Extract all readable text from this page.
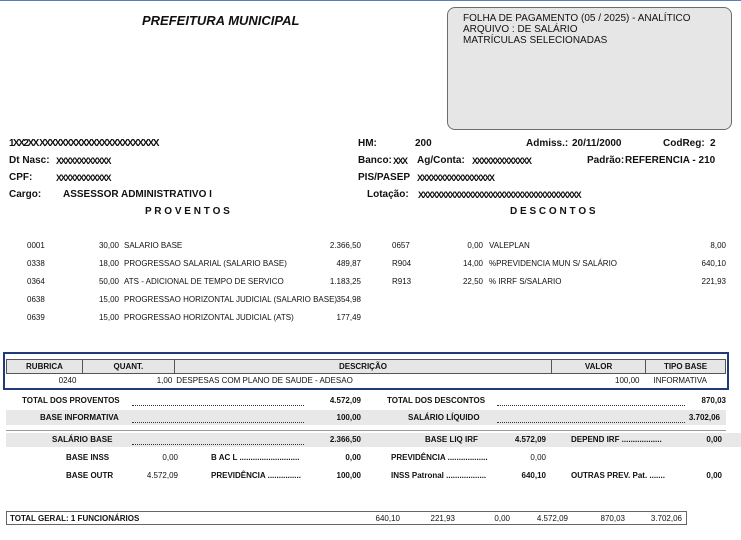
PREFEITURA MUNICIPAL	FOLHA DE PAGAMENTO (05 / 2025) - ANALÍTICO
ARQUIVO : DE SALÁRIO
MATRÍCULAS SELECIONADAS
1XX2XX XXXXXXXXXXXXXXXXXXXXXXX
Dt Nasc: XXXXXXXXXXXX
CPF:	XXXXXXXXXXXX
Cargo: ASSESSOR ADMINISTRATIVO I
HM:	200	Admiss.: 20/11/2000	CodReg: 2
Banco: XXX Ag/Conta: XXXXXXXXXXXXX	Padrão: REFERENCIA - 210
PIS/PASEP XXXXXXXXXXXXXXXXX
Lotação: XXXXXXXXXXXXXXXXXXXXXXXXXXXXXXXXXXXX
P R O V E N T O S	D E S C O N T O S
0001	30,00 SALARIO BASE	2.366,50
0338	18,00 PROGRESSAO SALARIAL (SALARIO BASE)	489,87
0364	50,00 ATS - ADICIONAL DE TEMPO DE SERVICO	1.183,25
0638	15,00 PROGRESSAO HORIZONTAL JUDICIAL (SALARIO BASE) 354,98
0639	15,00 PROGRESSAO HORIZONTAL JUDICIAL (ATS)	177,49
0657	0,00 VALEPLAN	8,00
R904	14,00 %PREVIDENCIA MUN S/ SALÁRIO	640,10
R913	22,50 % IRRF S/SALARIO	221,93
RUBRICA	QUANT.	DESCRIÇÃO	VALOR	TIPO BASE
0240	1,00	DESPESAS COM PLANO DE SAUDE - ADESAO	100,00	INFORMATIVA
TOTAL DOS PROVENTOS	4.572,09	TOTAL DOS DESCONTOS	870,03
BASE INFORMATIVA	100,00	SALÁRIO LÍQUIDO	3.702,06
SALÁRIO BASE	2.366,50	BASE LIQ IRF	4.572,09	DEPEND IRF ..................	0,00
BASE INSS	0,00	B AC L ...........................	0,00	PREVIDÊNCIA ..................	0,00
BASE OUTR	4.572,09	PREVIDÊNCIA ...............	100,00	INSS Patronal ..................	640,10	OUTRAS PREV. Pat. .......	0,00
TOTAL GERAL: 1 FUNCIONÁRIOS	640,10	221,93	0,00	4.572,09	870,03	3.702,06
